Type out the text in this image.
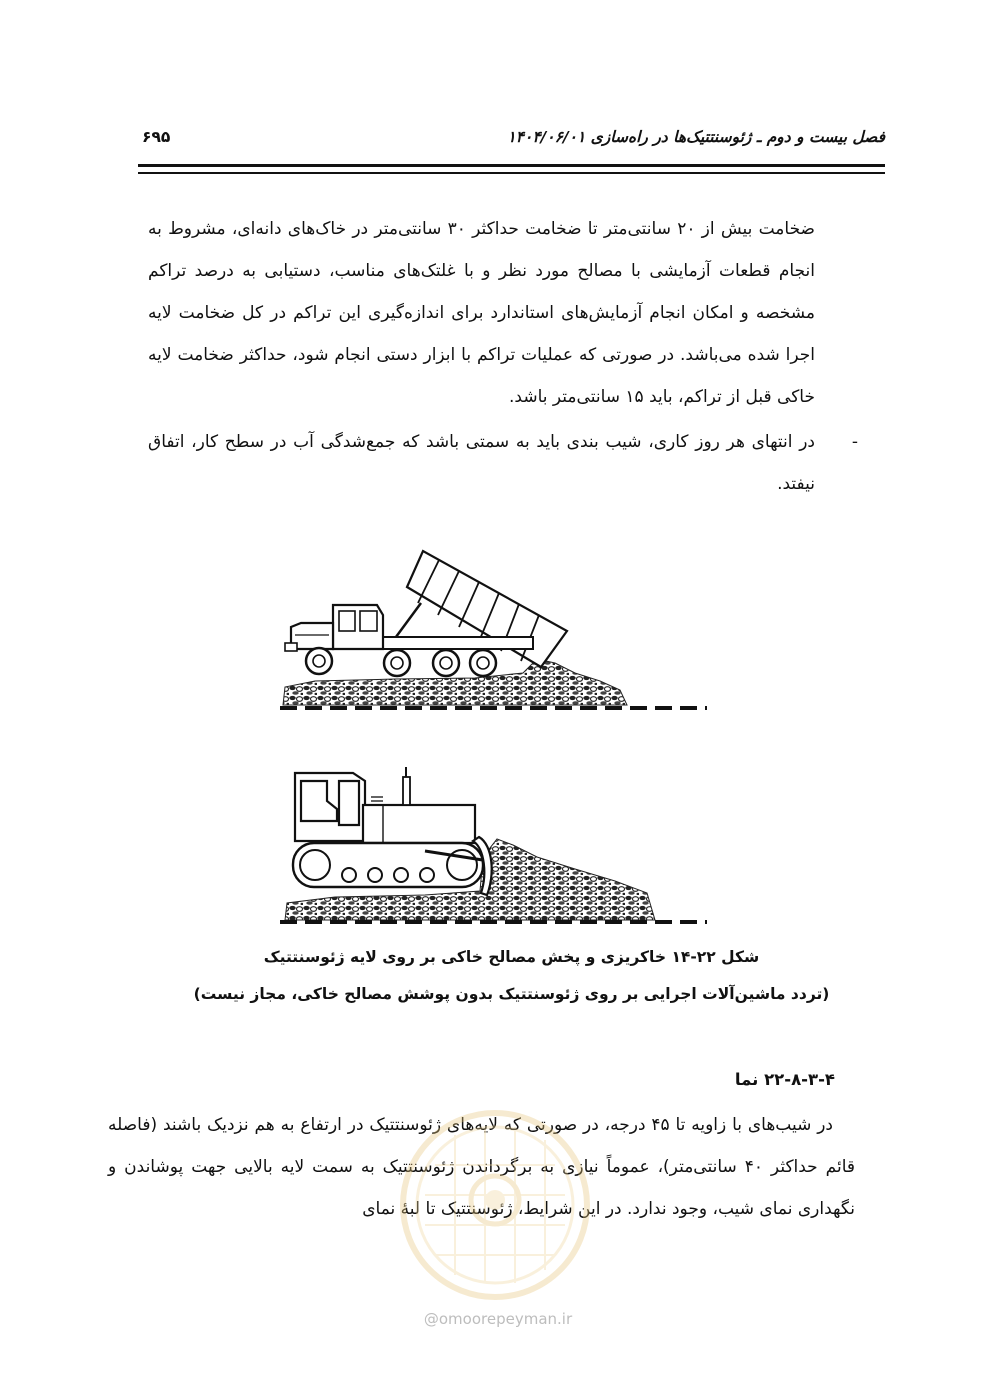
فصل بیست و دوم ـ ژئوسنتتیک‌ها در راه‌سازی ۱۴۰۴/۰۶/۰۱
۶۹۵

ضخامت بیش از ۲۰ سانتی‌متر تا ضخامت حداکثر ۳۰ سانتی‌متر در خاک‌های دانه‌ای، مشروط به انجام قطعات آزمایشی با مصالح مورد نظر و با غلتک‌های مناسب، دستیابی به درصد تراکم مشخصه و امکان انجام آزمایش‌های استاندارد برای اندازه‌گیری این تراکم در کل ضخامت لایه اجرا شده می‌باشد. در صورتی که عملیات تراکم با ابزار دستی انجام شود، حداکثر ضخامت لایه خاکی قبل از تراکم، باید ۱۵ سانتی‌متر باشد.

-

در انتهای هر روز کاری، شیب بندی باید به سمتی باشد که جمع‌شدگی آب در سطح کار، اتفاق نیفتد.

شکل ۲۲-۱۴ خاکریزی و پخش مصالح خاکی بر روی لایه ژئوسنتتیک
(تردد ماشین‌آلات اجرایی بر روی ژئوسنتتیک بدون پوشش مصالح خاکی، مجاز نیست)
۲۲-۸-۳-۴ نما

در شیب‌های با زاویه تا ۴۵ درجه، در صورتی که لایه‌های ژئوسنتتیک در ارتفاع به هم نزدیک باشند (فاصله قائم حداکثر ۴۰ سانتی‌متر)، عموماً نیازی به برگرداندن ژئوسنتتیک به سمت لایه بالایی جهت پوشاندن و نگهداری نمای شیب، وجود ندارد. در این شرایط، ژئوسنتتیک تا لبهٔ نمای

@omoorepeyman.ir
